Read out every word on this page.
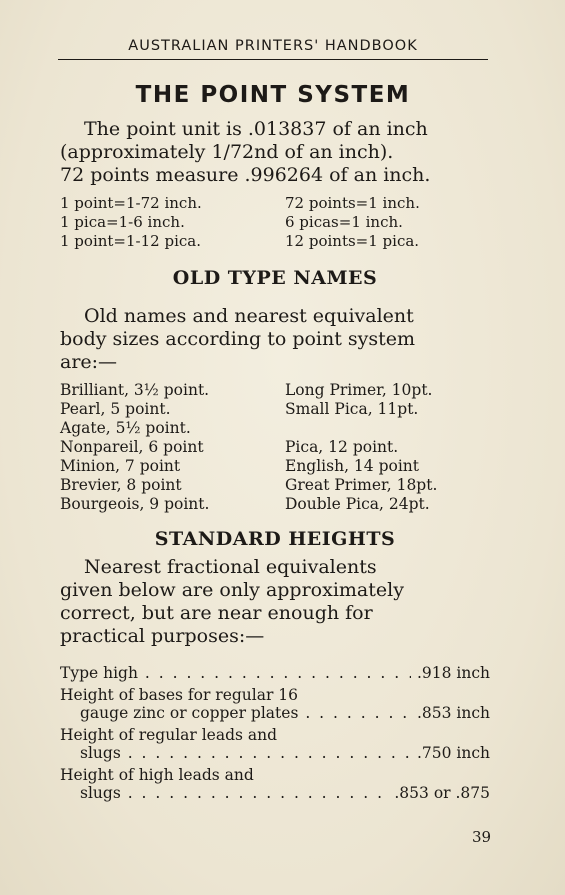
AUSTRALIAN PRINTERS' HANDBOOK
THE POINT SYSTEM
The point unit is .013837 of an inch
(approximately 1/72nd of an inch).
72 points measure .996264 of an inch.
1 point=1-72 inch.	72 points=1 inch.
1 pica=1-6 inch.	6 picas=1 inch.
1 point=1-12 pica.	12 points=1 pica.
OLD TYPE NAMES
Old names and nearest equivalent
body sizes according to point system
are:—
Brilliant, 3½ point.	Long Primer, 10pt.
Pearl, 5 point.	Small Pica, 11pt.
Agate, 5½ point.
Nonpareil, 6 point	Pica, 12 point.
Minion, 7 point	English, 14 point
Brevier, 8 point	Great Primer, 18pt.
Bourgeois, 9 point.	Double Pica, 24pt.
STANDARD HEIGHTS
Nearest fractional equivalents
given below are only approximately
correct, but are near enough for
practical purposes:—
Type high . . .	.918 inch
Height of bases for regular 16
gauge zinc or copper plates . . .	.853 inch
Height of regular leads and
slugs . . .	.750 inch
Height of high leads and
slugs . . .	.853 or .875
39
